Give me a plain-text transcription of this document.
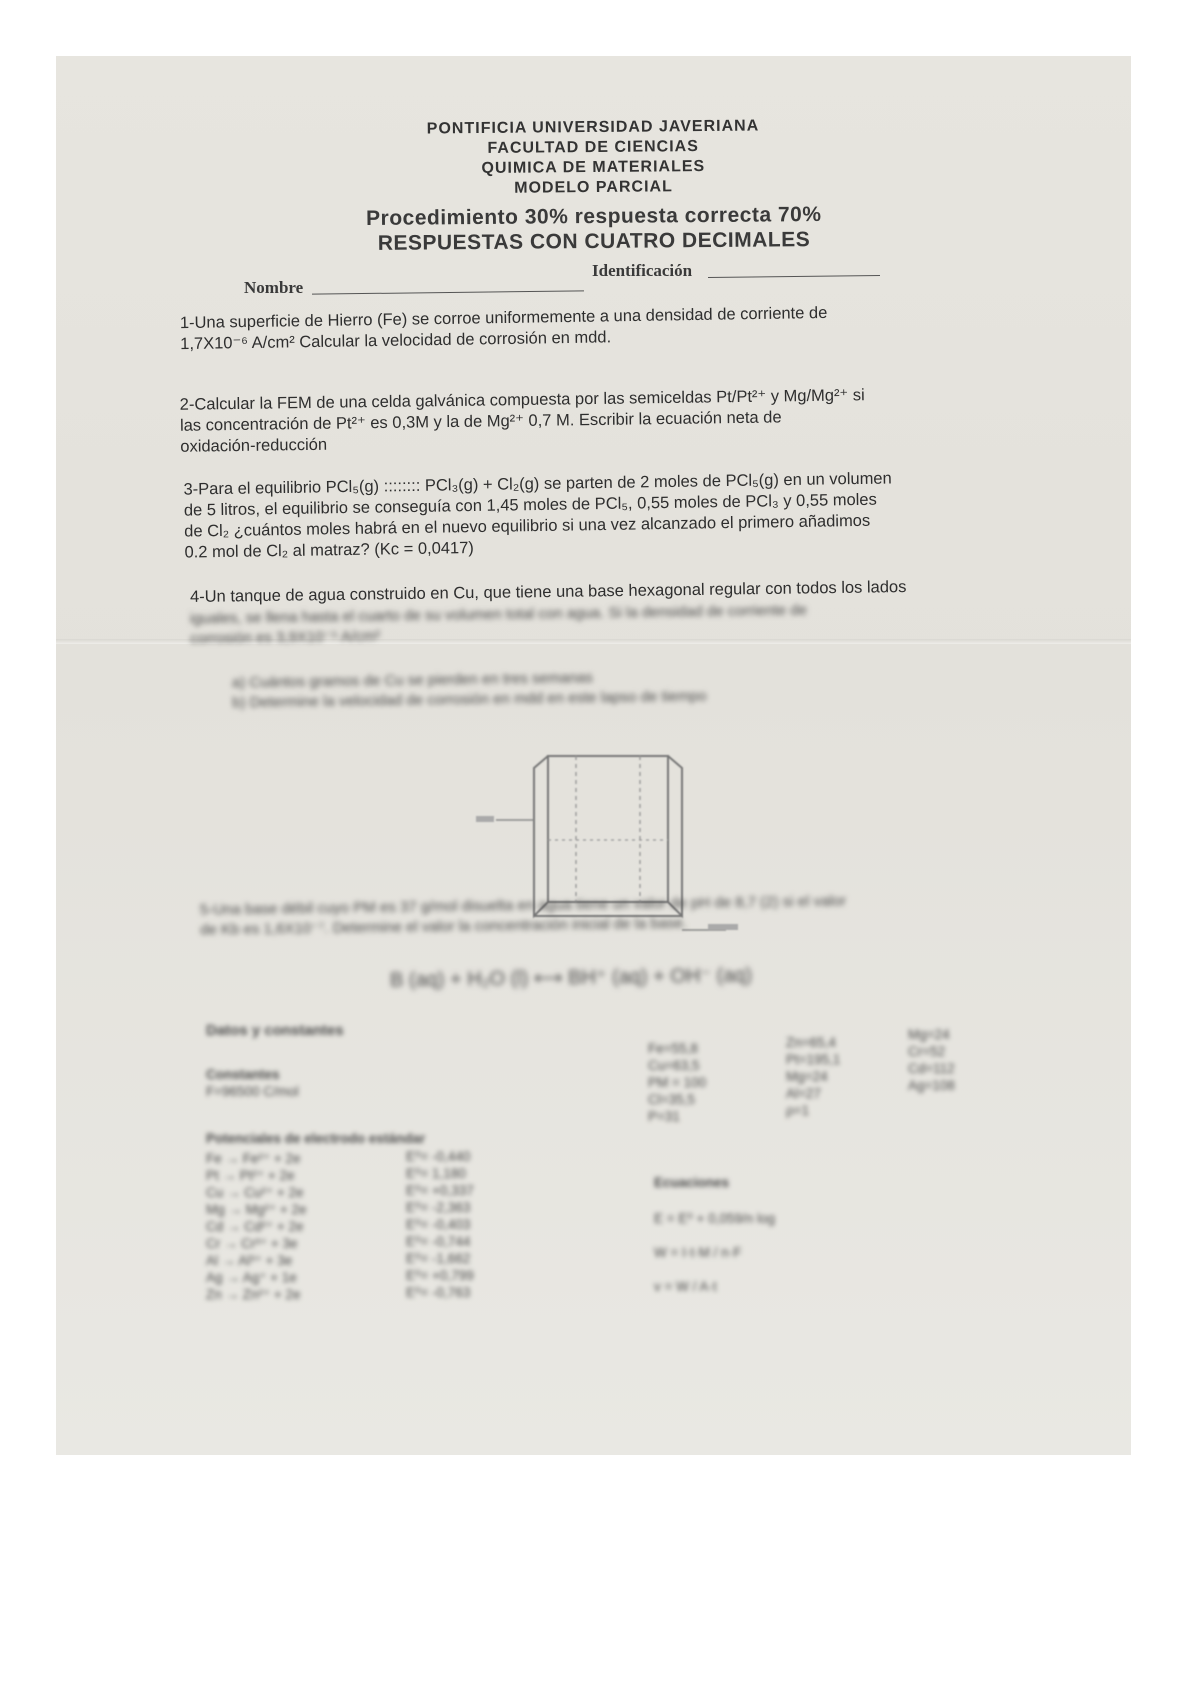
PONTIFICIA UNIVERSIDAD JAVERIANA
FACULTAD DE CIENCIAS
QUIMICA DE MATERIALES
MODELO PARCIAL
Procedimiento 30% respuesta correcta 70%
RESPUESTAS CON CUATRO DECIMALES
Nombre
Identificación
1-Una superficie de Hierro (Fe) se corroe uniformemente a una densidad de corriente de
1,7X10⁻⁶ A/cm² Calcular la velocidad de corrosión en mdd.
2-Calcular la FEM de una celda galvánica compuesta por las semiceldas Pt/Pt²⁺ y Mg/Mg²⁺ si
las concentración de Pt²⁺ es 0,3M y la de Mg²⁺ 0,7 M. Escribir la ecuación neta de
oxidación-reducción
3-Para el equilibrio PCl₅(g) :::::::: PCl₃(g) + Cl₂(g) se parten de 2 moles de PCl₅(g) en un volumen
de 5 litros, el equilibrio se conseguía con 1,45 moles de PCl₅, 0,55 moles de PCl₃ y 0,55 moles
de Cl₂ ¿cuántos moles habrá en el nuevo equilibrio si una vez alcanzado el primero añadimos
0.2 mol de Cl₂ al matraz? (Kc = 0,0417)
4-Un tanque de agua construido en Cu, que tiene una base hexagonal regular con todos los lados
iguales, se llena hasta el cuarto de su volumen total con agua. Si la densidad de corriente de
corrosión es 3,9X10⁻⁵ A/cm²
a) Cuántos gramos de Cu se pierden en tres semanas
b) Determine la velocidad de corrosión en mdd en este lapso de tiempo
5-Una base débil cuyo PM es 37 g/mol disuelta en agua tiene un valor de pH de 8,7 (2) si el valor
de Kb es 1,6X10⁻⁷. Determine el valor la concentración inicial de la base.
B (aq) + H₂O (l) ⟷ BH⁺ (aq) + OH⁻ (aq)
Datos y constantes
Constantes
F=96500 C/mol
Potenciales de electrodo estándar
Fe → Fe²⁺ + 2e
Pt → Pt²⁺ + 2e
Cu → Cu²⁺ + 2e
Mg → Mg²⁺ + 2e
Cd → Cd²⁺ + 2e
Cr → Cr³⁺ + 3e
Al → Al³⁺ + 3e
Ag → Ag⁺ + 1e
Zn → Zn²⁺ + 2e
E⁰= -0,440
E⁰= 1,180
E⁰= +0,337
E⁰= -2,363
E⁰= -0,403
E⁰= -0,744
E⁰= -1,662
E⁰= +0,799
E⁰= -0,763
Fe=55,8
Cu=63,5
PM = 100
Cl=35,5
P=31
Zn=65,4
Pt=195,1
Mg=24
Al=27
ρ=1
Mg=24
Cr=52
Cd=112
Ag=108
Ecuaciones
E = E⁰ + 0,059/n log
W = I·t·M / n·F
v = W / A·t
